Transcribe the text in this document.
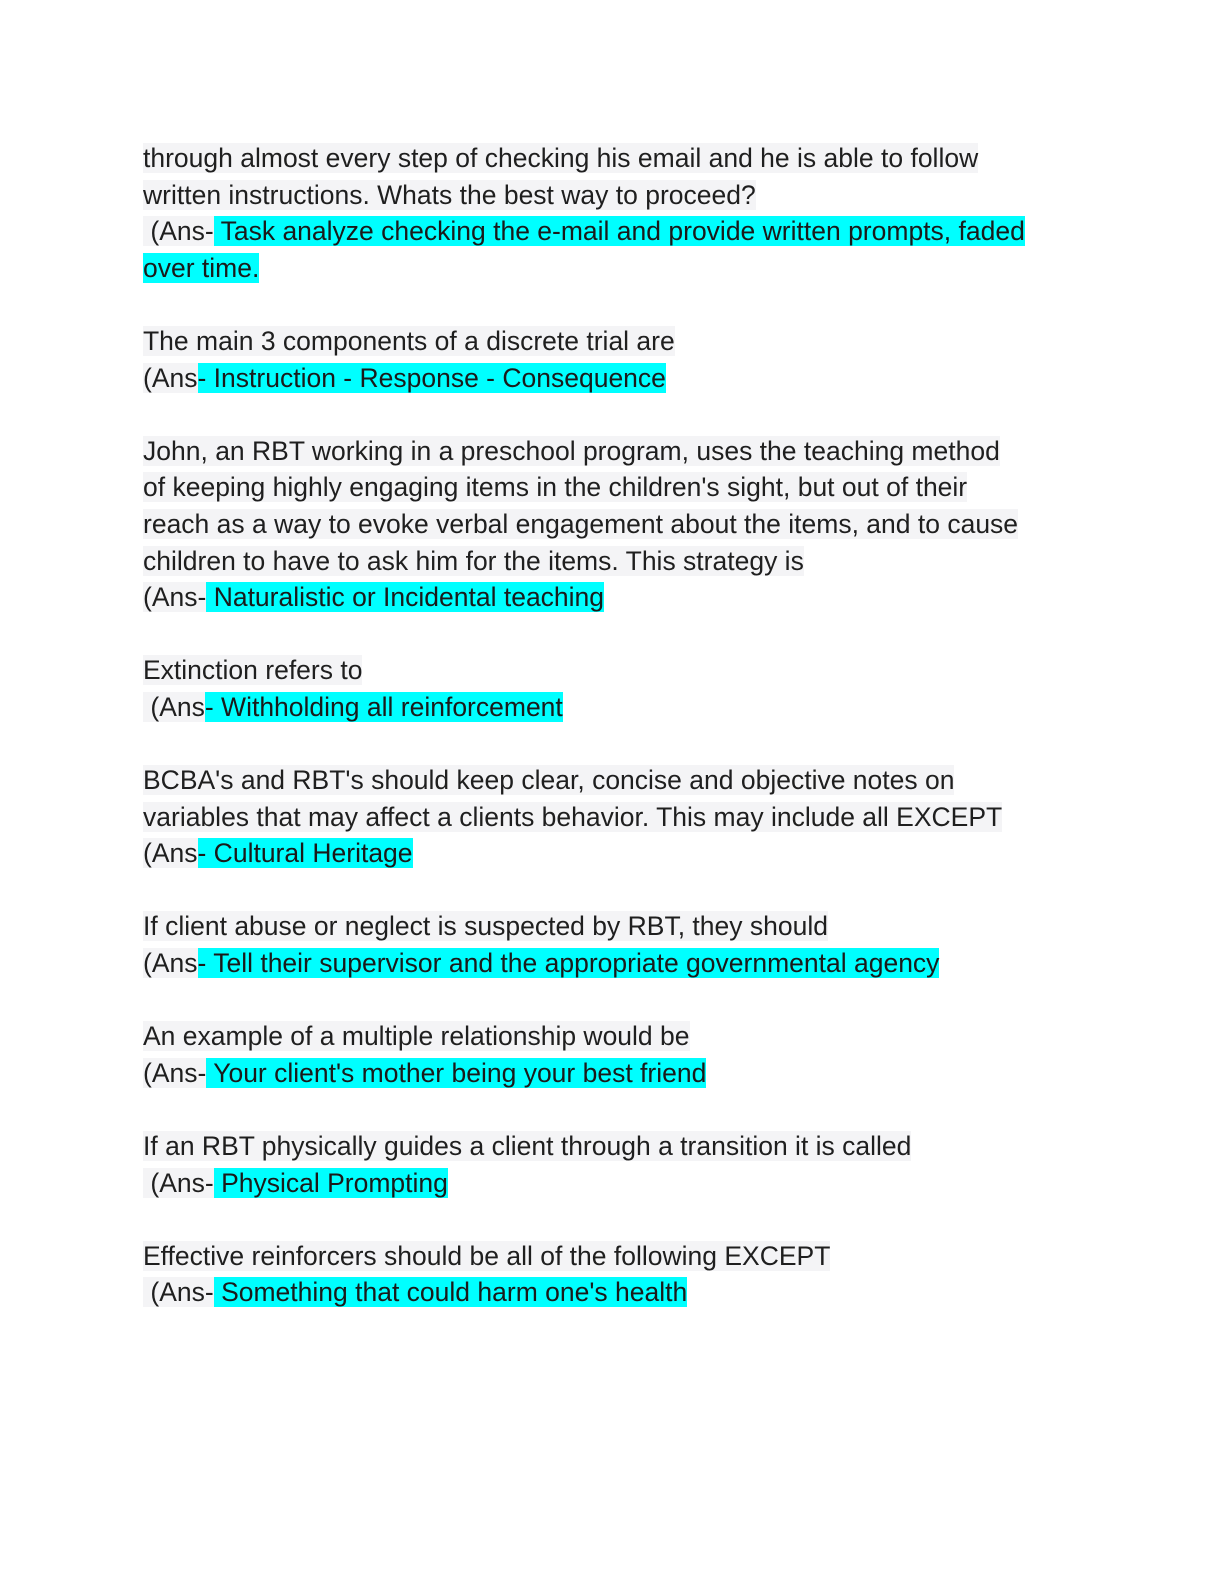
through almost every step of checking his email and he is able to follow
written instructions. Whats the best way to proceed?
(Ans- Task analyze checking the e-mail and provide written prompts, faded
over time.
The main 3 components of a discrete trial are
(Ans- Instruction - Response - Consequence
John, an RBT working in a preschool program, uses the teaching method
of keeping highly engaging items in the children's sight, but out of their
reach as a way to evoke verbal engagement about the items, and to cause
children to have to ask him for the items. This strategy is
(Ans- Naturalistic or Incidental teaching
Extinction refers to
(Ans- Withholding all reinforcement
BCBA's and RBT's should keep clear, concise and objective notes on
variables that may affect a clients behavior. This may include all EXCEPT
(Ans- Cultural Heritage
If client abuse or neglect is suspected by RBT, they should
(Ans- Tell their supervisor and the appropriate governmental agency
An example of a multiple relationship would be
(Ans- Your client's mother being your best friend
If an RBT physically guides a client through a transition it is called
(Ans- Physical Prompting
Effective reinforcers should be all of the following EXCEPT
(Ans- Something that could harm one's health
